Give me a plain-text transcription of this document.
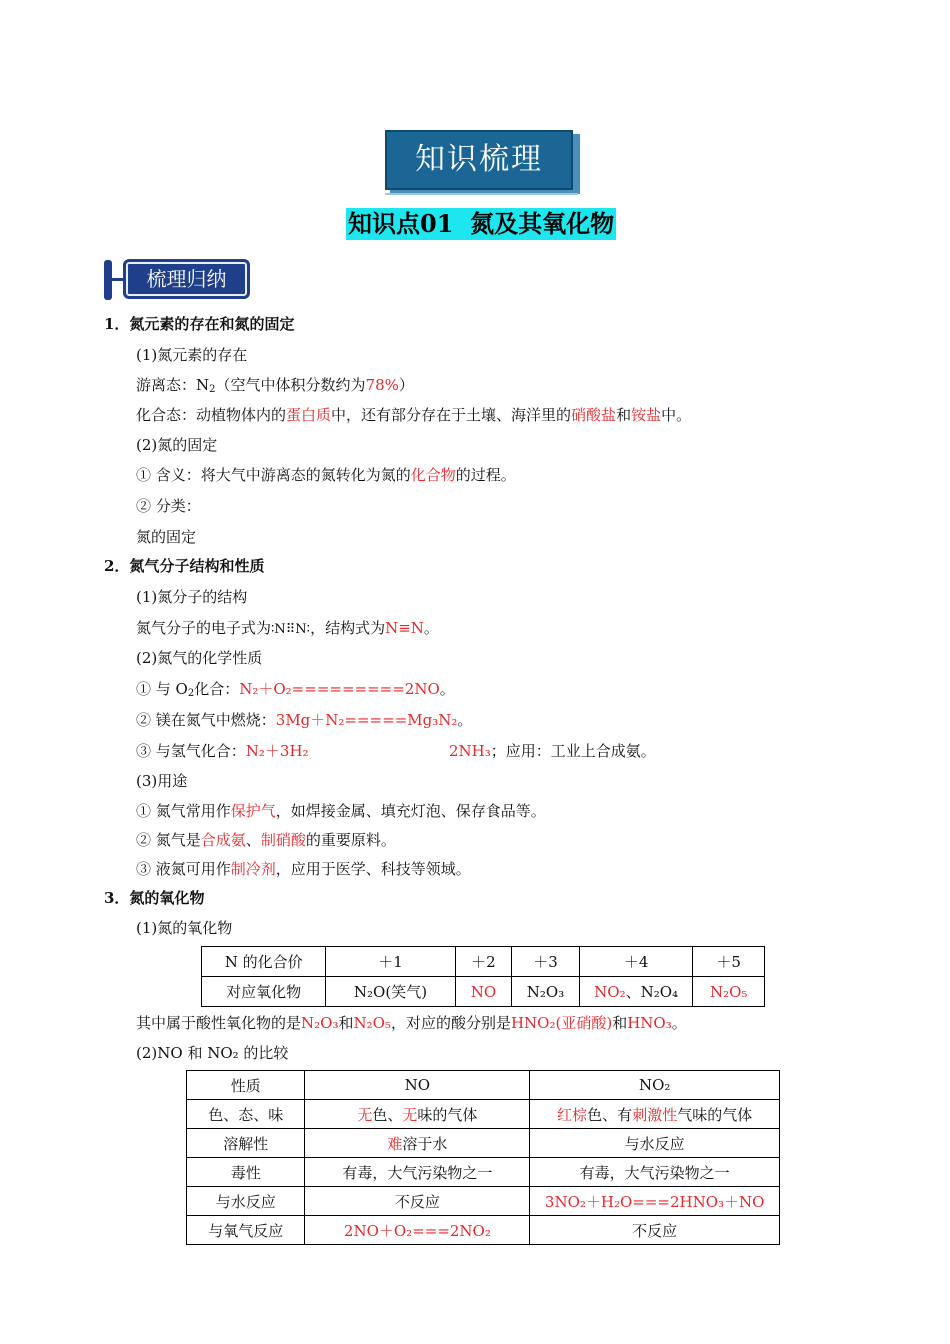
知识梳理
知识点01  氮及其氧化物
梳理归纳
1．氮元素的存在和氮的固定
(1)氮元素的存在
游离态：$N_2$（空气中体积分数约为78%）
化合态：动植物体内的蛋白质中，还有部分存在于土壤、海洋里的硝酸盐和铵盐中。
(2)氮的固定
① 含义：将大气中游离态的氮转化为氮的化合物的过程。
② 分类：
氮的固定
2．氮气分子结构和性质
(1)氮分子的结构
氮气分子的电子式为∶N⠿N∶，结构式为N≡N。
(2)氮气的化学性质
① 与 $O_2$化合：N₂＋O₂=========2NO。
② 镁在氮气中燃烧：3Mg＋N₂=====Mg₃N₂。
③ 与氢气化合：N₂＋3H₂	2NH₃；应用：工业上合成氨。
(3)用途
① 氮气常用作保护气，如焊接金属、填充灯泡、保存食品等。
② 氮气是合成氨、制硝酸的重要原料。
③ 液氮可用作制冷剂，应用于医学、科技等领域。
3．氮的氧化物
(1)氮的氧化物
N 的化合价	＋1	＋2	＋3	＋4	＋5
对应氧化物	N₂O(笑气)	NO	N₂O₃	NO₂、N₂O₄	N₂O₅
其中属于酸性氧化物的是N₂O₃和N₂O₅，对应的酸分别是HNO₂(亚硝酸)和HNO₃。
(2)NO 和 NO₂ 的比较
性质	NO	NO₂
色、态、味	无色、无味的气体	红棕色、有刺激性气味的气体
溶解性	难溶于水	与水反应
毒性	有毒，大气污染物之一	有毒，大气污染物之一
与水反应	不反应	3NO₂＋H₂O===2HNO₃＋NO
与氧气反应	2NO＋O₂===2NO₂	不反应
